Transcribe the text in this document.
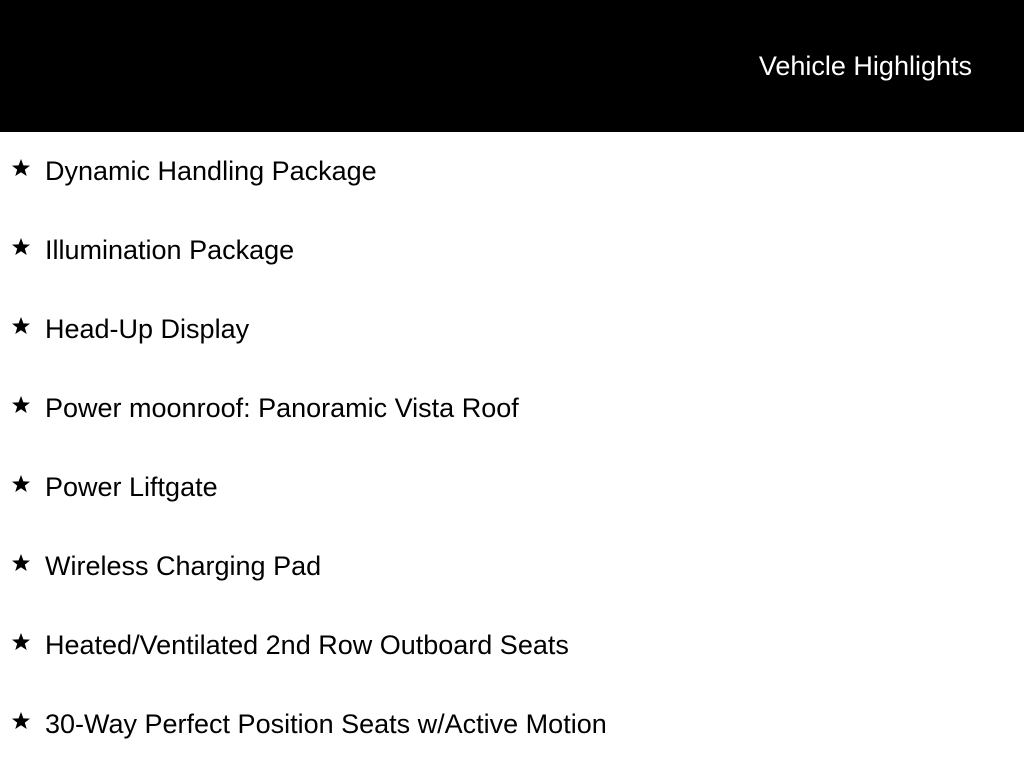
Vehicle Highlights
Dynamic Handling Package
Illumination Package
Head-Up Display
Power moonroof: Panoramic Vista Roof
Power Liftgate
Wireless Charging Pad
Heated/Ventilated 2nd Row Outboard Seats
30-Way Perfect Position Seats w/Active Motion
